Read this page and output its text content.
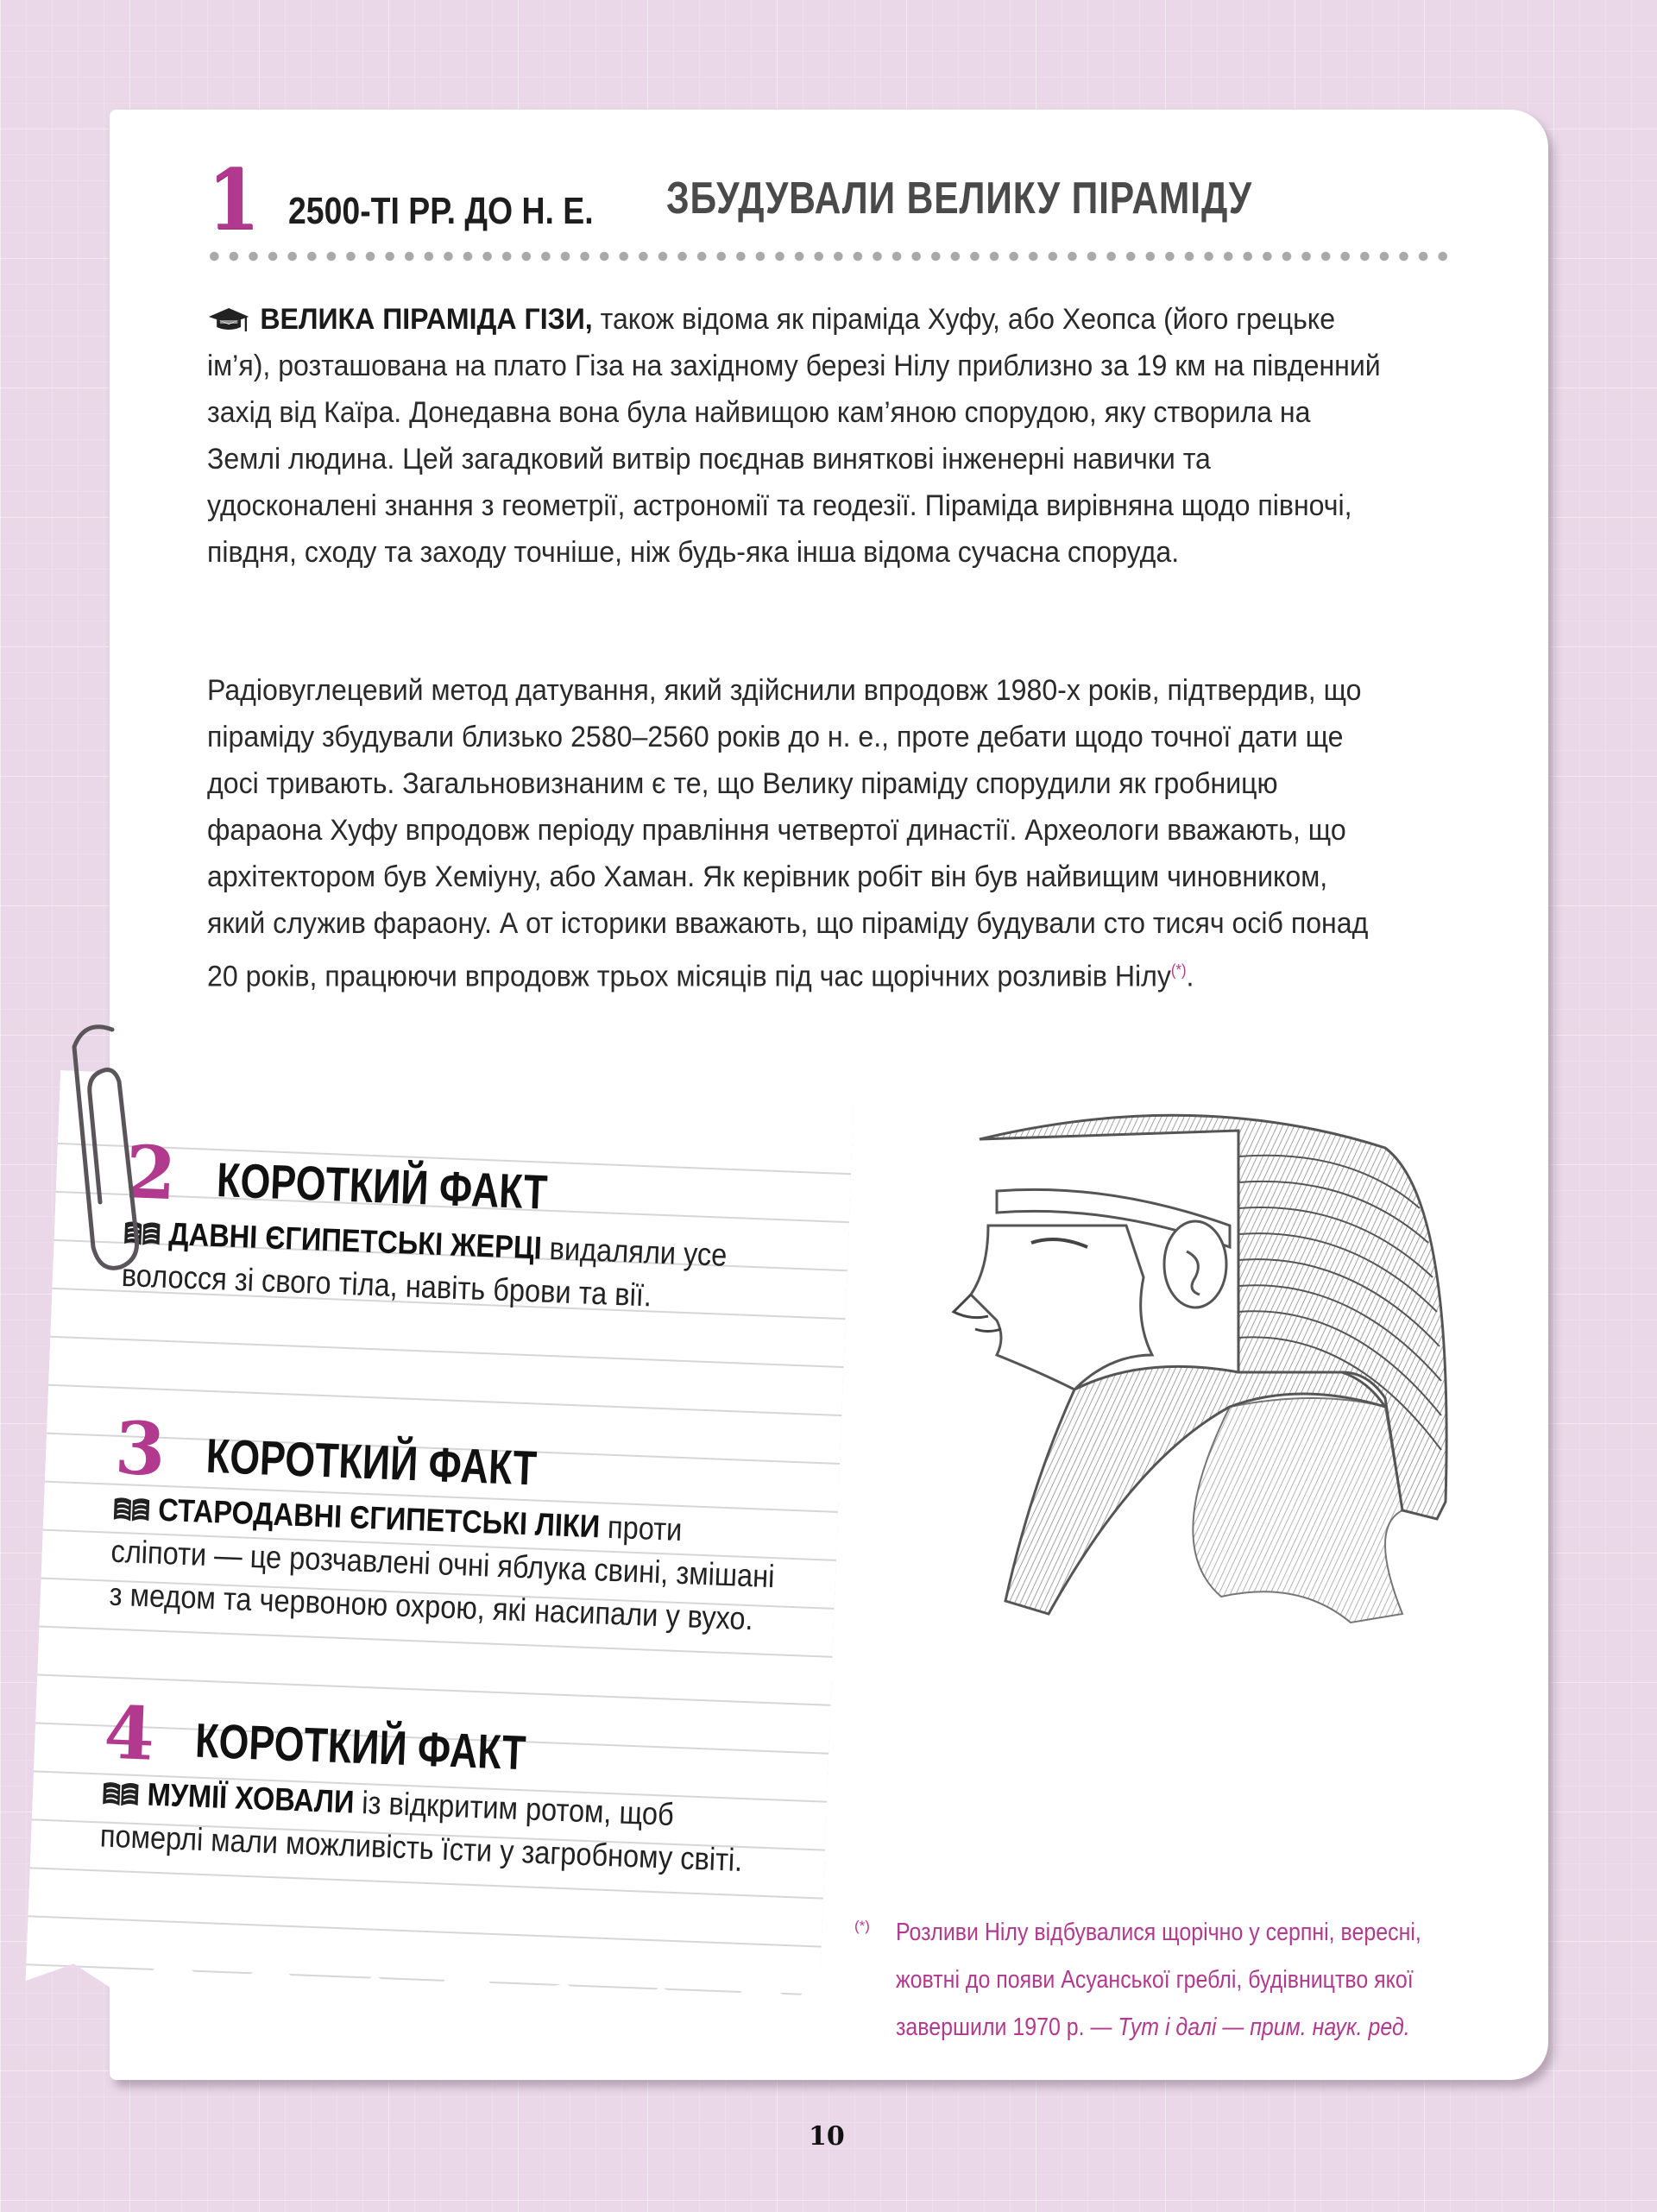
1 2500-ТІ РР. ДО Н. Е. ЗБУДУВАЛИ ВЕЛИКУ ПІРАМІДУ
ВЕЛИКА ПІРАМІДА ГІЗИ, також відома як піраміда Хуфу, або Хеопса (його грецьке ім’я), розташована на плато Гіза на західному березі Нілу приблизно за 19 км на південний захід від Каїра. Донедавна вона була найвищою кам’яною спорудою, яку створила на Землі людина. Цей загадковий витвір поєднав виняткові інженерні навички та удосконалені знання з геометрії, астрономії та геодезії. Піраміда вирівняна щодо півночі, півдня, сходу та заходу точніше, ніж будь-яка інша відома сучасна споруда.
Радіовуглецевий метод датування, який здійснили впродовж 1980-х років, підтвердив, що піраміду збудували близько 2580–2560 років до н. е., проте дебати щодо точної дати ще досі тривають. Загальновизнаним є те, що Велику піраміду спорудили як гробницю фараона Хуфу впродовж періоду правління четвертої династії. Археологи вважають, що архітектором був Хеміуну, або Хаман. Як керівник робіт він був найвищим чиновником, який служив фараону. А от історики вважають, що піраміду будували сто тисяч осіб понад 20 років, працюючи впродовж трьох місяців під час щорічних розливів Нілу(*).
2 КОРОТКИЙ ФАКТ
ДАВНІ ЄГИПЕТСЬКІ ЖЕРЦІ видаляли усе волосся зі свого тіла, навіть брови та вії.
3 КОРОТКИЙ ФАКТ
СТАРОДАВНІ ЄГИПЕТСЬКІ ЛІКИ проти сліпоти — це розчавлені очні яблука свині, змішані з медом та червоною охрою, які насипали у вухо.
4 КОРОТКИЙ ФАКТ
МУМІЇ ХОВАЛИ із відкритим ротом, щоб померлі мали можливість їсти у загробному світі.
(*)	Розливи Нілу відбувалися щорічно у серпні, вересні, жовтні до появи Асуанської греблі, будівництво якої завершили 1970 р. — Тут і далі — прим. наук. ред.
10
